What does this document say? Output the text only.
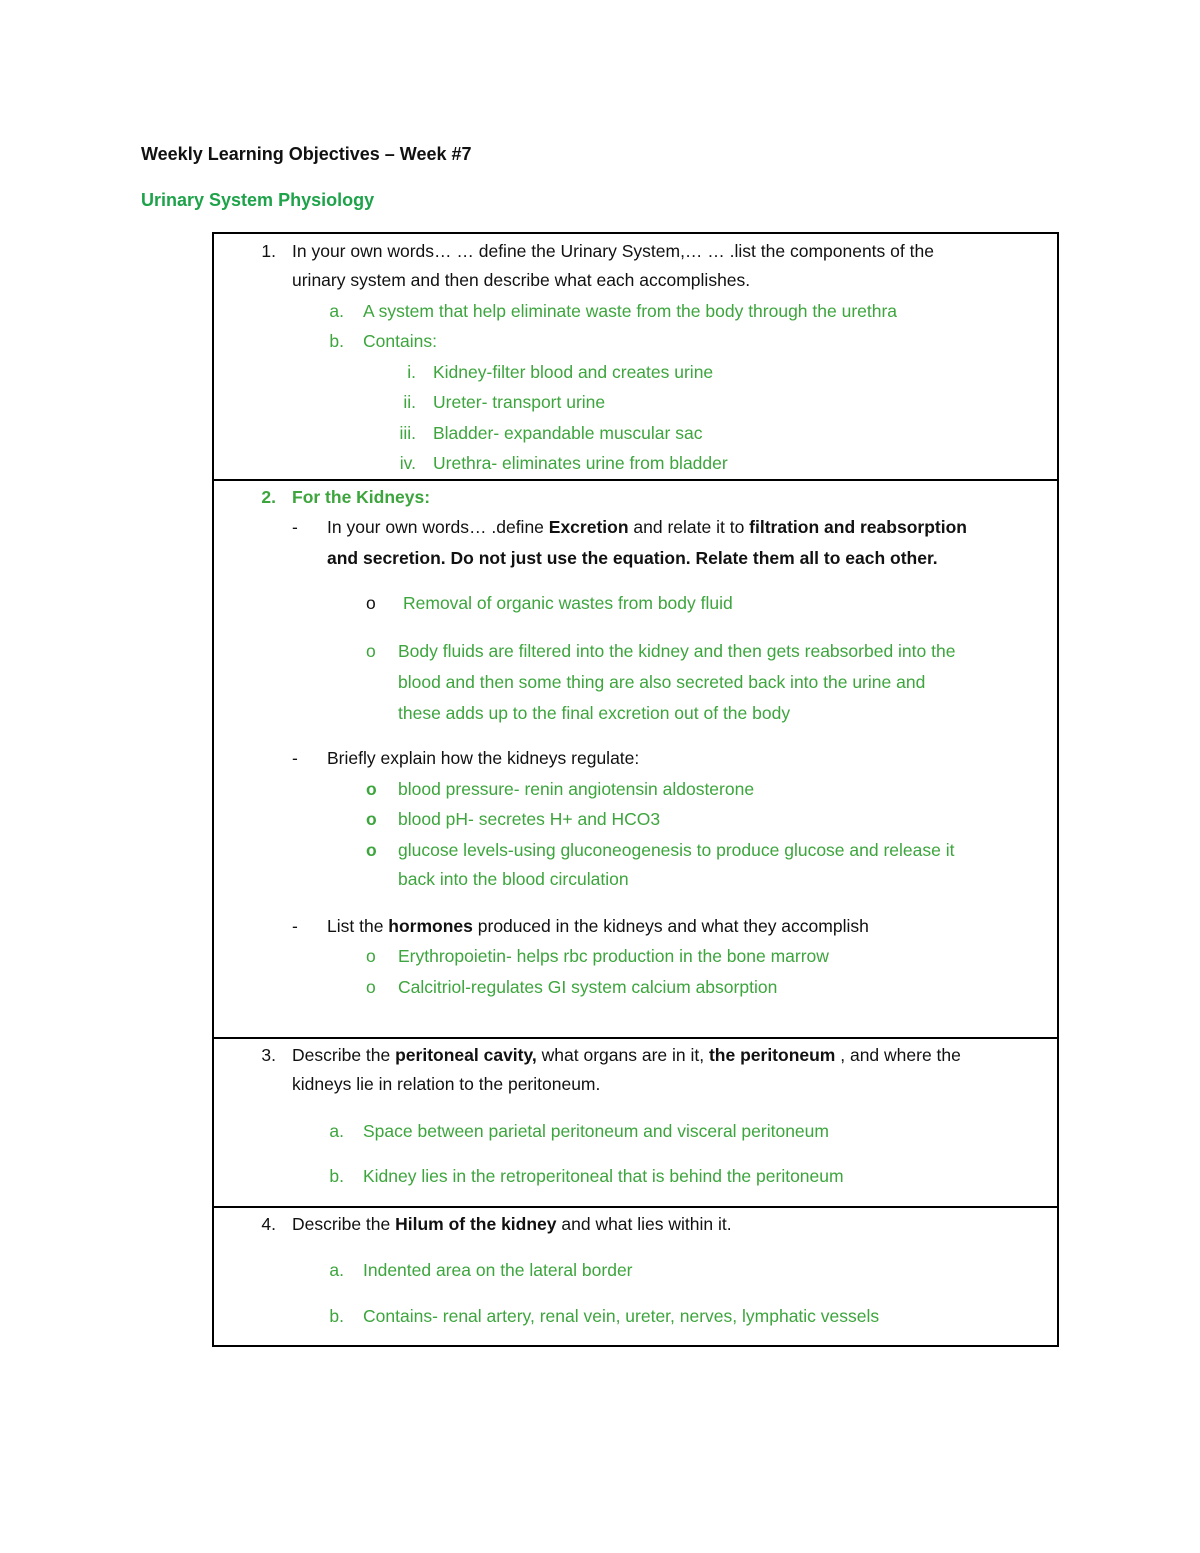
Weekly Learning Objectives – Week #7
Urinary System Physiology
1. In your own words… … define the Urinary System,… … .list the components of the
urinary system and then describe what each accomplishes.
a. A system that help eliminate waste from the body through the urethra
b. Contains:
i. Kidney-filter blood and creates urine
ii. Ureter- transport urine
iii. Bladder- expandable muscular sac
iv. Urethra- eliminates urine from bladder
2. For the Kidneys:
- In your own words… .define Excretion and relate it to filtration and reabsorption
and secretion. Do not just use the equation. Relate them all to each other.
o Removal of organic wastes from body fluid
o Body fluids are filtered into the kidney and then gets reabsorbed into the
blood and then some thing are also secreted back into the urine and
these adds up to the final excretion out of the body
- Briefly explain how the kidneys regulate:
o blood pressure- renin angiotensin aldosterone
o blood pH- secretes H+ and HCO3
o glucose levels-using gluconeogenesis to produce glucose and release it
back into the blood circulation
- List the hormones produced in the kidneys and what they accomplish
o Erythropoietin- helps rbc production in the bone marrow
o Calcitriol-regulates GI system calcium absorption
3. Describe the peritoneal cavity, what organs are in it, the peritoneum , and where the
kidneys lie in relation to the peritoneum.
a. Space between parietal peritoneum and visceral peritoneum
b. Kidney lies in the retroperitoneal that is behind the peritoneum
4. Describe the Hilum of the kidney and what lies within it.
a. Indented area on the lateral border
b. Contains- renal artery, renal vein, ureter, nerves, lymphatic vessels
